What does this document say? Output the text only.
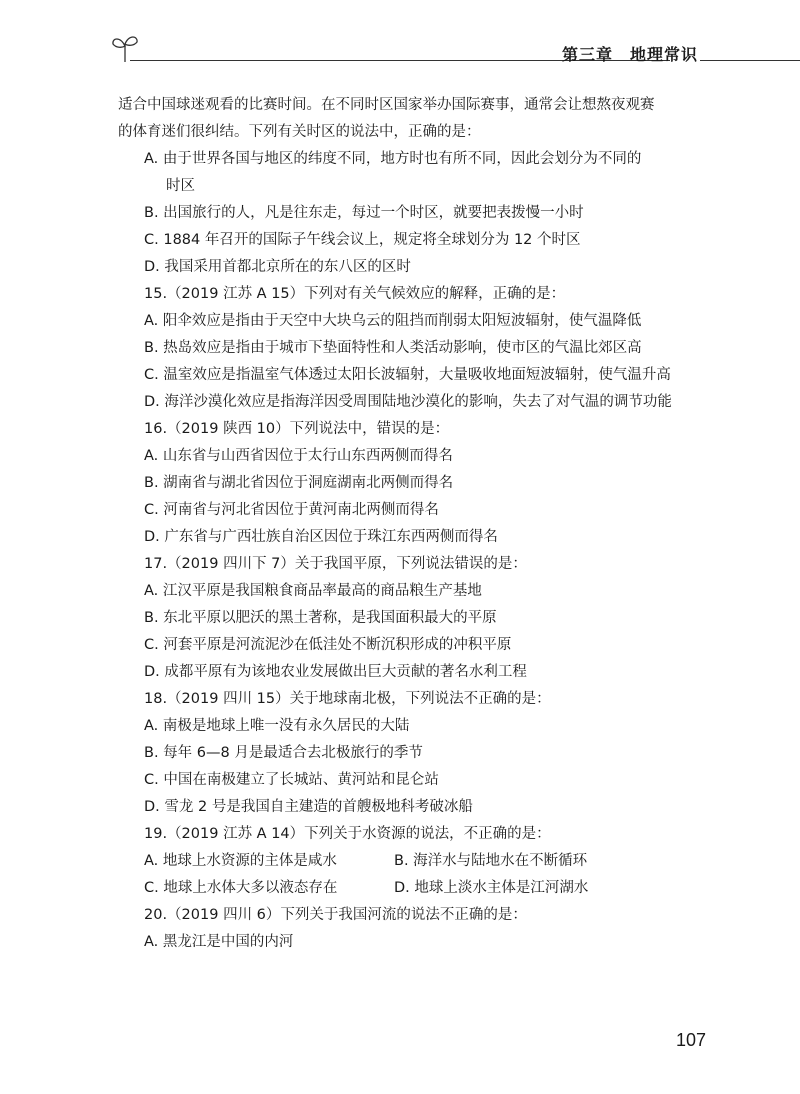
第三章　地理常识
适合中国球迷观看的比赛时间。在不同时区国家举办国际赛事，通常会让想熬夜观赛
的体育迷们很纠结。下列有关时区的说法中，正确的是：
A. 由于世界各国与地区的纬度不同，地方时也有所不同，因此会划分为不同的
时区
B. 出国旅行的人，凡是往东走，每过一个时区，就要把表拨慢一小时
C. 1884 年召开的国际子午线会议上，规定将全球划分为 12 个时区
D. 我国采用首都北京所在的东八区的区时
15.（2019 江苏 A 15）下列对有关气候效应的解释，正确的是：
A. 阳伞效应是指由于天空中大块乌云的阻挡而削弱太阳短波辐射，使气温降低
B. 热岛效应是指由于城市下垫面特性和人类活动影响，使市区的气温比郊区高
C. 温室效应是指温室气体透过太阳长波辐射，大量吸收地面短波辐射，使气温升高
D. 海洋沙漠化效应是指海洋因受周围陆地沙漠化的影响，失去了对气温的调节功能
16.（2019 陕西 10）下列说法中，错误的是：
A. 山东省与山西省因位于太行山东西两侧而得名
B. 湖南省与湖北省因位于洞庭湖南北两侧而得名
C. 河南省与河北省因位于黄河南北两侧而得名
D. 广东省与广西壮族自治区因位于珠江东西两侧而得名
17.（2019 四川下 7）关于我国平原，下列说法错误的是：
A. 江汉平原是我国粮食商品率最高的商品粮生产基地
B. 东北平原以肥沃的黑土著称，是我国面积最大的平原
C. 河套平原是河流泥沙在低洼处不断沉积形成的冲积平原
D. 成都平原有为该地农业发展做出巨大贡献的著名水利工程
18.（2019 四川 15）关于地球南北极，下列说法不正确的是：
A. 南极是地球上唯一没有永久居民的大陆
B. 每年 6—8 月是最适合去北极旅行的季节
C. 中国在南极建立了长城站、黄河站和昆仑站
D. 雪龙 2 号是我国自主建造的首艘极地科考破冰船
19.（2019 江苏 A 14）下列关于水资源的说法，不正确的是：
A. 地球上水资源的主体是咸水	B. 海洋水与陆地水在不断循环
C. 地球上水体大多以液态存在	D. 地球上淡水主体是江河湖水
20.（2019 四川 6）下列关于我国河流的说法不正确的是：
A. 黑龙江是中国的内河
107
